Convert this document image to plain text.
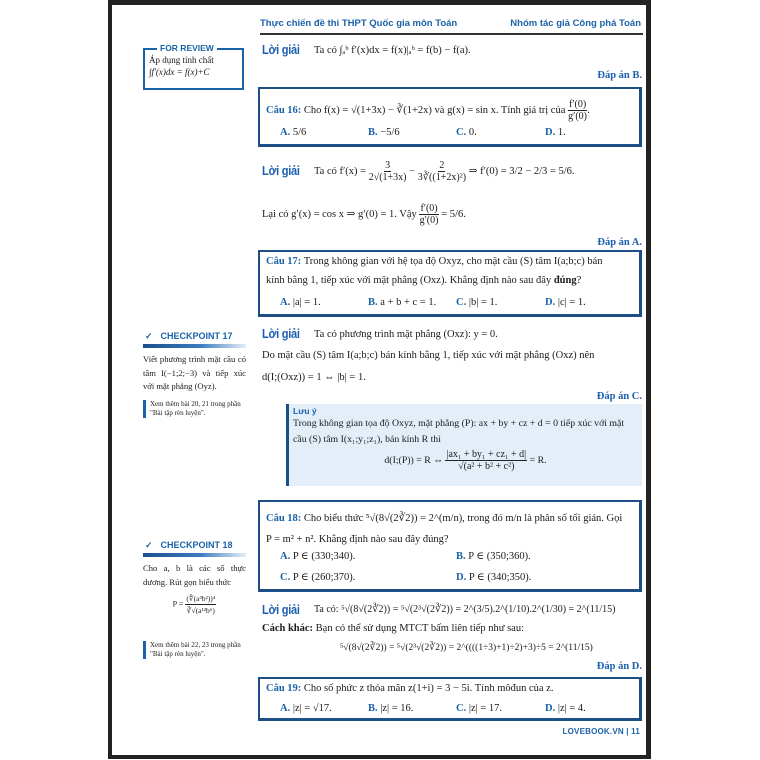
Thực chiến đề thi THPT Quốc gia môn Toán	Nhóm tác giả Công phá Toán
FOR REVIEW
Áp dụng tính chất
∫f′(x)dx = f(x)+C
Lời giải Ta có ∫ₐᵇ f′(x)dx = f(x)|ₐᵇ = f(b) − f(a).
Đáp án B.
Câu 16: Cho f(x) = √(1+3x) − ∛(1+2x) và g(x) = sin x. Tính giá trị của $\frac{f'(0)}{g'(0)}$ .
A. 5/6	B. −5/6	C. 0.	D. 1.
Lời giải Ta có $f'(x) = \frac{3}{2√(1+3x)} - \frac{2}{\text{3∛((1+2x)²)}}$ ⇒ f′(0) = 3/2 − 2/3 = 5/6.
Lại có g′(x) = cos x ⇒ g′(0) = 1. Vậy $\frac{f'(0)}{g'(0)} = 5/6$.
Đáp án A.
Câu 17: Trong không gian với hệ tọa độ Oxyz, cho mặt cầu (S) tâm I(a;b;c) bán
kính bằng 1, tiếp xúc với mặt phẳng (Oxz). Khẳng định nào sau đây đúng?
A. |a| = 1.	B. a + b + c = 1. C. |b| = 1.	D. |c| = 1.
✓ CHECKPOINT 17
Viết phương trình mặt cầu có tâm I(−1;2;−3) và tiếp xúc với mặt phẳng (Oyz).
Xem thêm bài 20, 21 trong phần "Bài tập rèn luyện".
Lời giải Ta có phương trình mặt phẳng (Oxz): y = 0.
Do mặt cầu (S) tâm I(a;b;c) bán kính bằng 1, tiếp xúc với mặt phẳng (Oxz) nên
d(I;(Oxz)) = 1 ⇔ |b| = 1.
Đáp án C.
Lưu ý
Trong không gian tọa độ Oxyz, mặt phẳng (P): ax + by + cz + d = 0 tiếp xúc với mặt
cầu (S) tâm I(x₁;y₁;z₁), bán kính R thì
d(I;(P)) = R ⇔ $\frac{\text{|ax₁ + by₁ + cz₁ + d|}}{\text{√(a² + b² + c²)}} = R$.
Câu 18: Cho biểu thức ⁵√(8√(2∛2)) = 2^(m/n), trong đó m/n là phân số tối giản. Gọi
P = m² + n². Khẳng định nào sau đây đúng?
A. P ∈ (330;340).	B. P ∈ (350;360).
C. P ∈ (260;370).	D. P ∈ (340;350).
✓ CHECKPOINT 18
Cho a, b là các số thực dương. Rút gọn biểu thức
$P = \frac{\text{(∜(a³b²))⁴}}{\text{∛√(a¹²b⁶)}}$
Xem thêm bài 22, 23 trong phần "Bài tập rèn luyện".
Lời giải Ta có: ⁵√(8√(2∛2)) = ⁵√(2³√(2∛2)) = 2^(3/5).2^(1/10).2^(1/30) = 2^(11/15)
Cách khác: Bạn có thể sử dụng MTCT bấm liên tiếp như sau:
⁵√(8√(2∛2)) = ⁵√(2³√(2∛2)) = 2^((((1÷3)+1)÷2)+3)÷5 = 2^(11/15)
Đáp án D.
Câu 19: Cho số phức z thỏa mãn z(1+i) = 3 − 5i. Tính môđun của z.
A. |z| = √17.	B. |z| = 16.	C. |z| = 17.	D. |z| = 4.
LOVEBOOK.VN | 11
